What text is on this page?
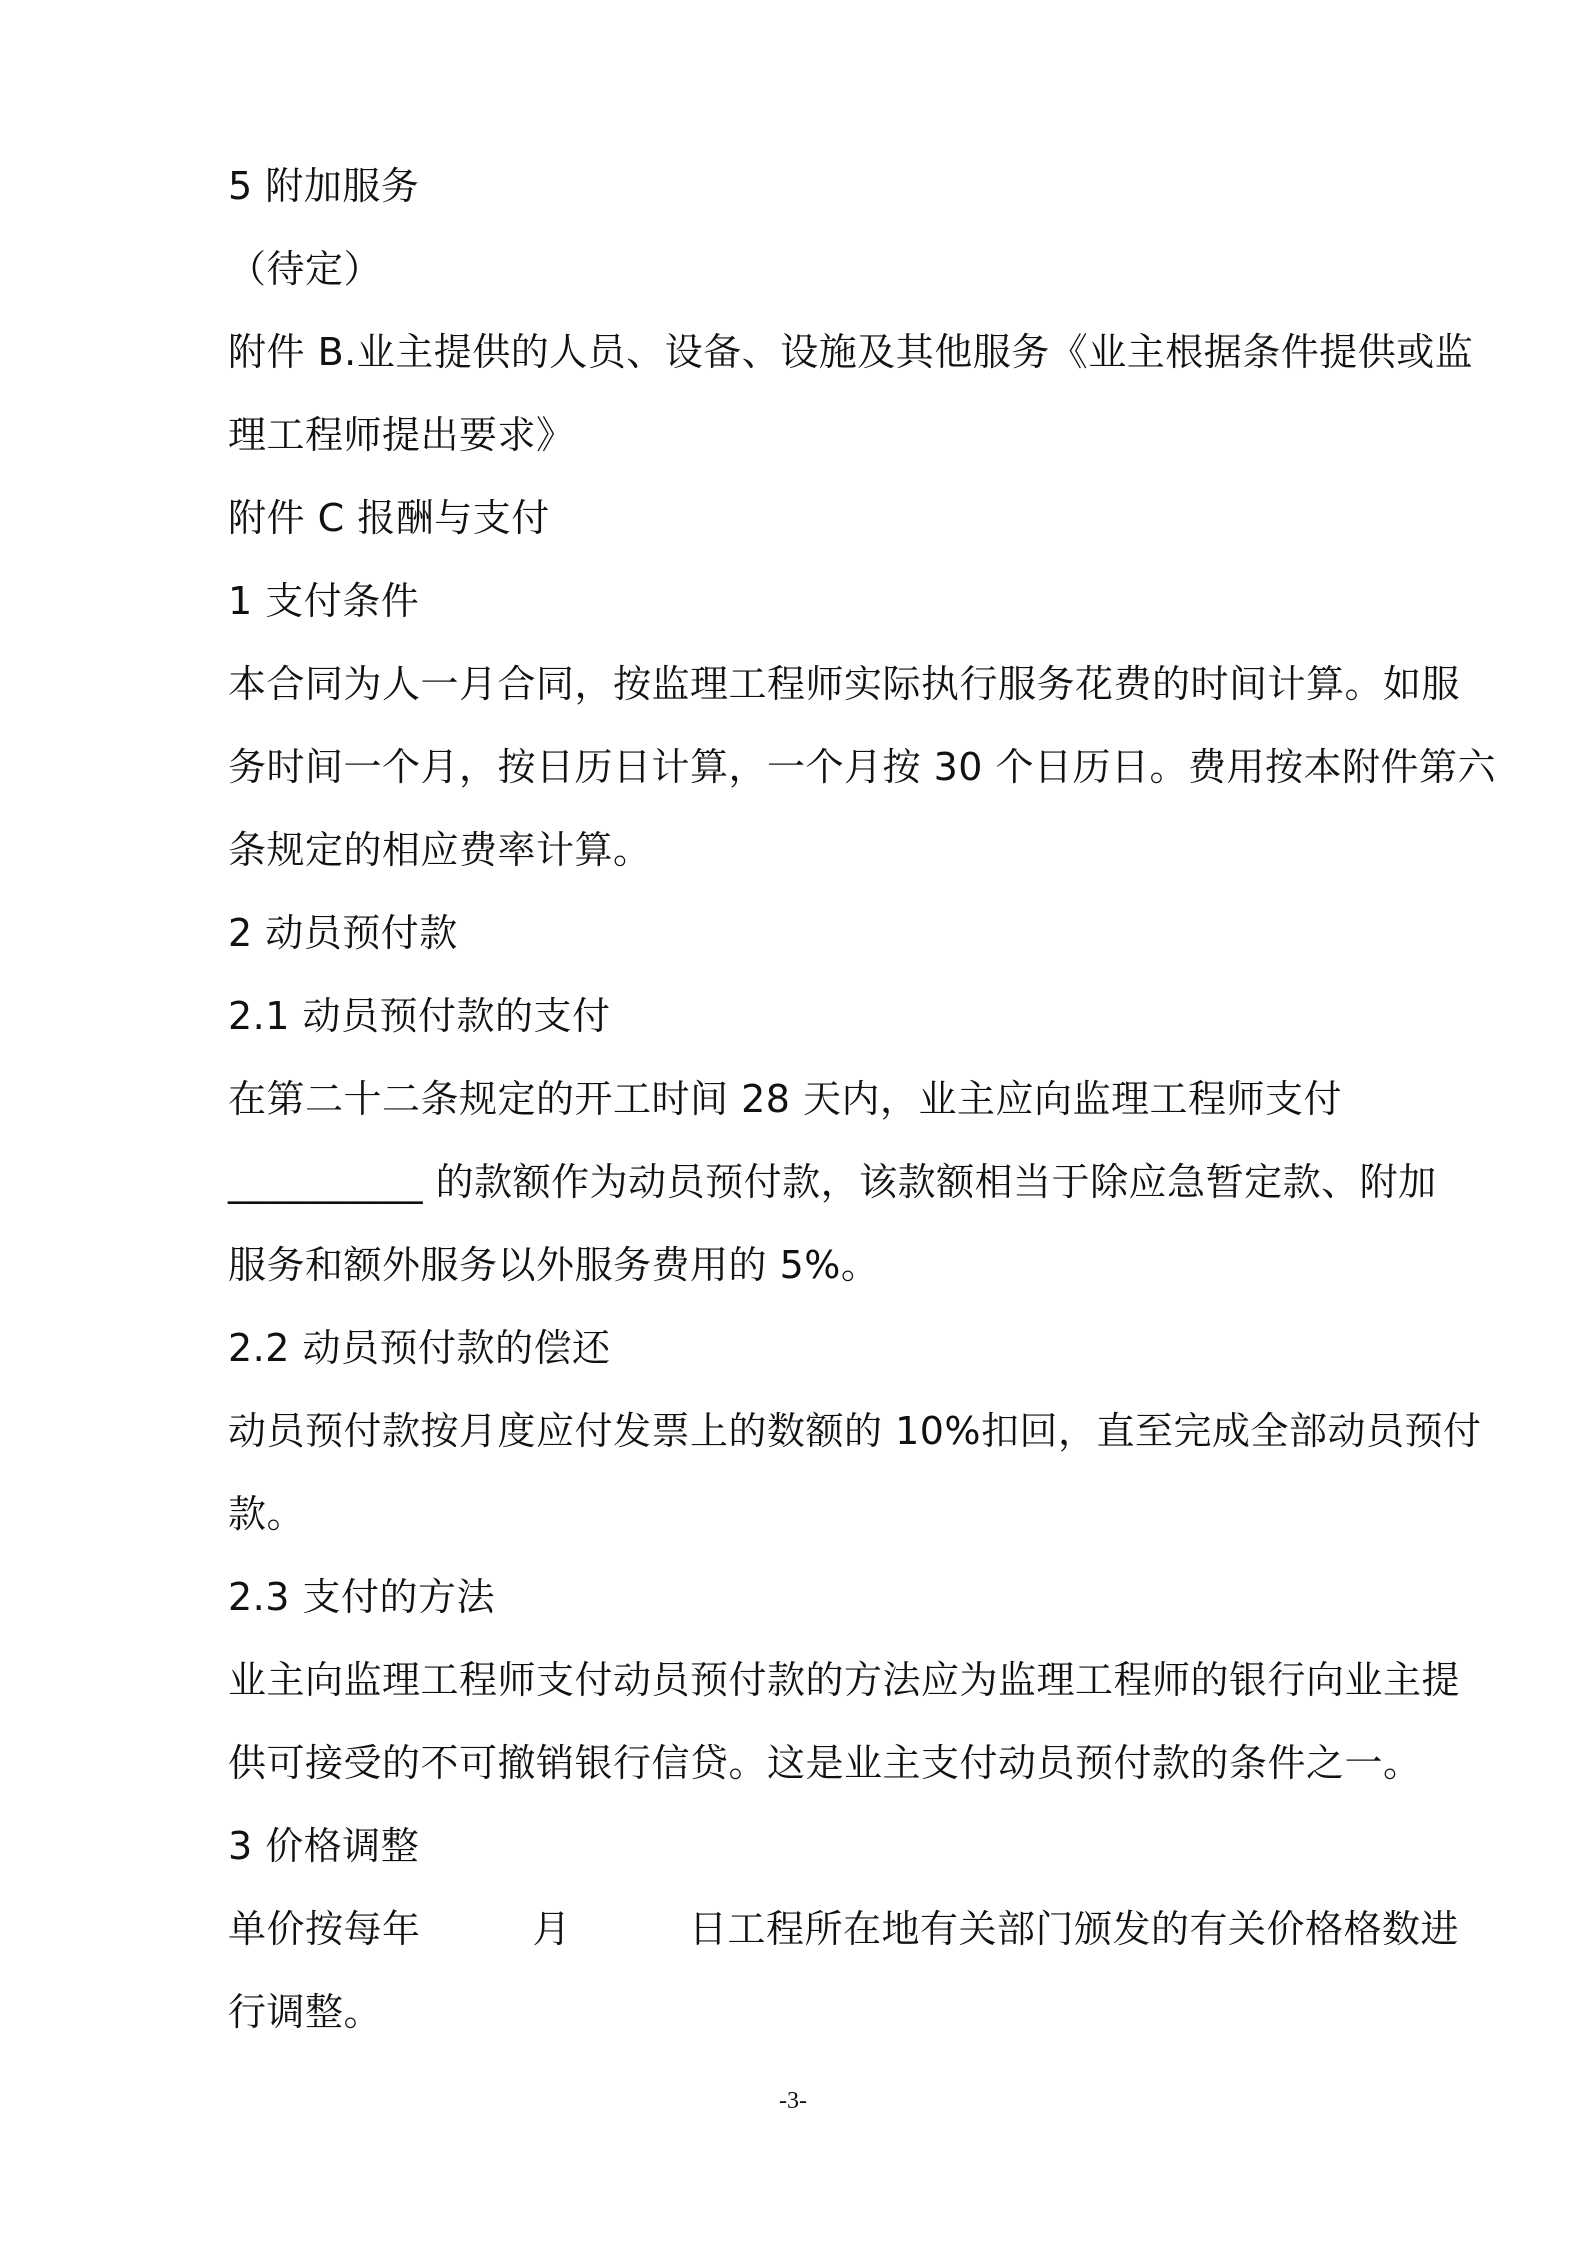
5 附加服务
（待定）
附件 B.业主提供的人员、设备、设施及其他服务《业主根据条件提供或监
理工程师提出要求》
附件 C 报酬与支付
1 支付条件
本合同为人一月合同，按监理工程师实际执行服务花费的时间计算。如服
务时间一个月，按日历日计算，一个月按 30 个日历日。费用按本附件第六
条规定的相应费率计算。
2 动员预付款
2.1 动员预付款的支付
在第二十二条规定的开工时间 28 天内，业主应向监理工程师支付
__________ 的款额作为动员预付款，该款额相当于除应急暂定款、附加
服务和额外服务以外服务费用的 5%。
2.2 动员预付款的偿还
动员预付款按月度应付发票上的数额的 10%扣回，直至完成全部动员预付
款。
2.3 支付的方法
业主向监理工程师支付动员预付款的方法应为监理工程师的银行向业主提
供可接受的不可撤销银行信贷。这是业主支付动员预付款的条件之一。
3 价格调整
单价按每年	月	日工程所在地有关部门颁发的有关价格格数进
行调整。
-3-
